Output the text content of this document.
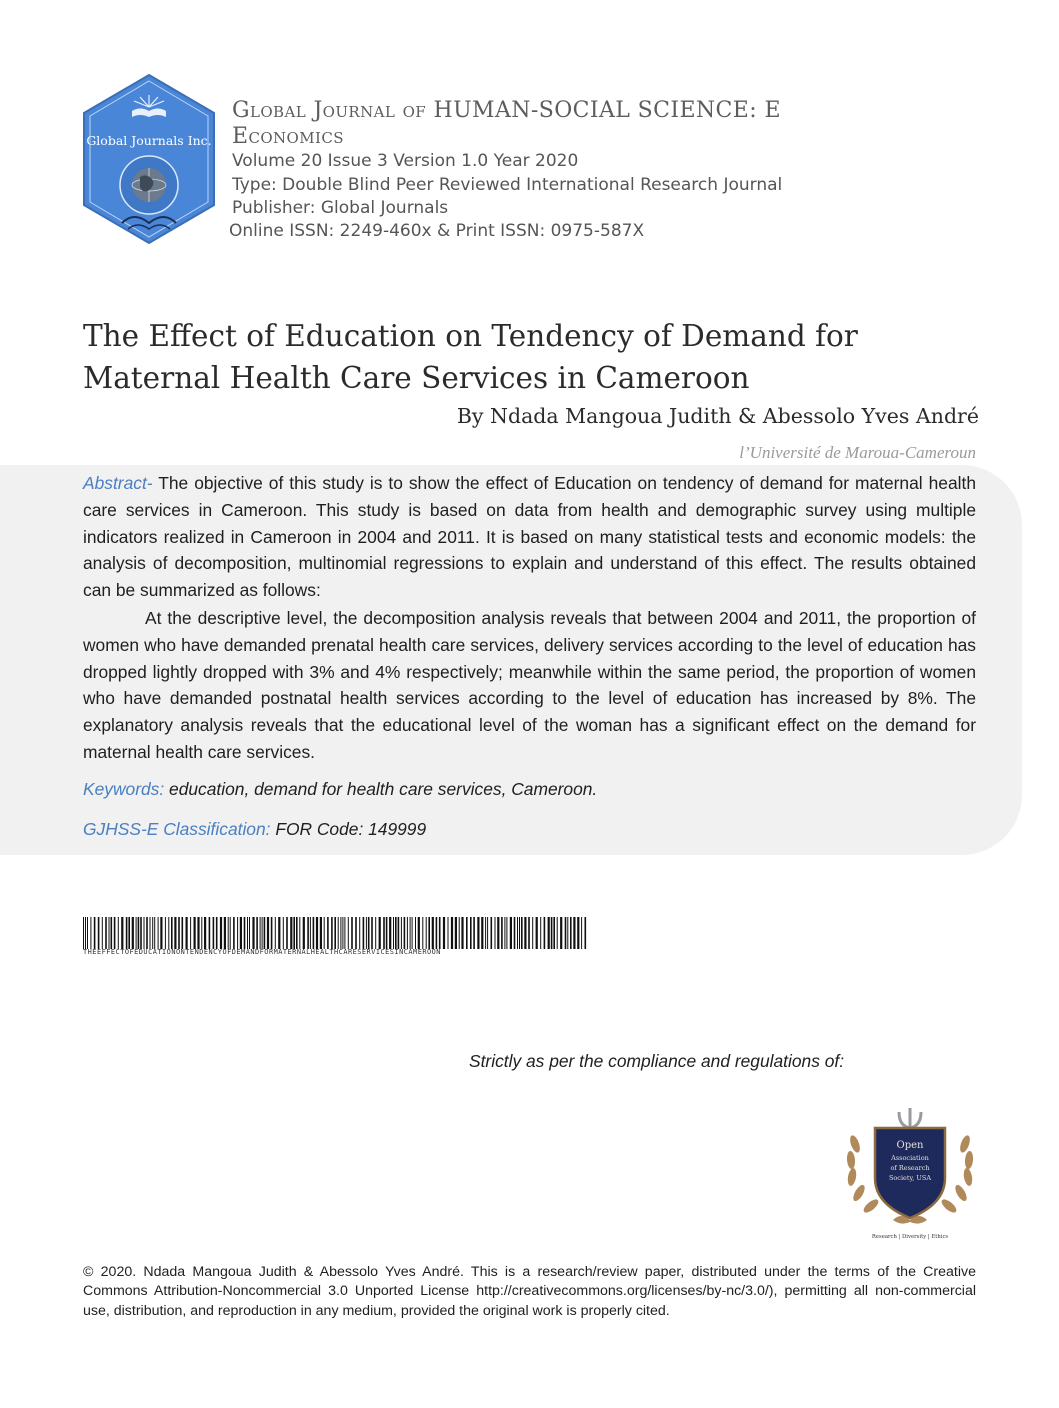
Global Journals Inc.
Global Journal of HUMAN-SOCIAL SCIENCE: E
Economics
Volume 20 Issue 3 Version 1.0 Year 2020
Type: Double Blind Peer Reviewed International Research Journal
Publisher: Global Journals
Online ISSN: 2249-460x & Print ISSN: 0975-587X
The Effect of Education on Tendency of Demand for Maternal Health Care Services in Cameroon
By Ndada Mangoua Judith & Abessolo Yves André
l’Université de Maroua-Cameroun
Abstract- The objective of this study is to show the effect of Education on tendency of demand for maternal health care services in Cameroon. This study is based on data from health and demographic survey using multiple indicators realized in Cameroon in 2004 and 2011. It is based on many statistical tests and economic models: the analysis of decomposition, multinomial regressions to explain and understand of this effect. The results obtained can be summarized as follows:
At the descriptive level, the decomposition analysis reveals that between 2004 and 2011, the proportion of women who have demanded prenatal health care services, delivery services according to the level of education has dropped lightly dropped with 3% and 4% respectively; meanwhile within the same period, the proportion of women who have demanded postnatal health services according to the level of education has increased by 8%. The explanatory analysis reveals that the educational level of the woman has a significant effect on the demand for maternal health care services.
Keywords: education, demand for health care services, Cameroon.
GJHSS-E Classification: FOR Code: 149999
THEEFFECTOFEDUCATIONONTENDENCYOFDEMANDFORMATERNALHEALTHCARESERVICESINCAMEROON
Strictly as per the compliance and regulations of:
Open
Association
of Research
Society, USA
Research | Diversity | Ethics
© 2020. Ndada Mangoua Judith & Abessolo Yves André. This is a research/review paper, distributed under the terms of the Creative Commons Attribution-Noncommercial 3.0 Unported License http://creativecommons.org/licenses/by-nc/3.0/), permitting all non-commercial use, distribution, and reproduction in any medium, provided the original work is properly cited.
